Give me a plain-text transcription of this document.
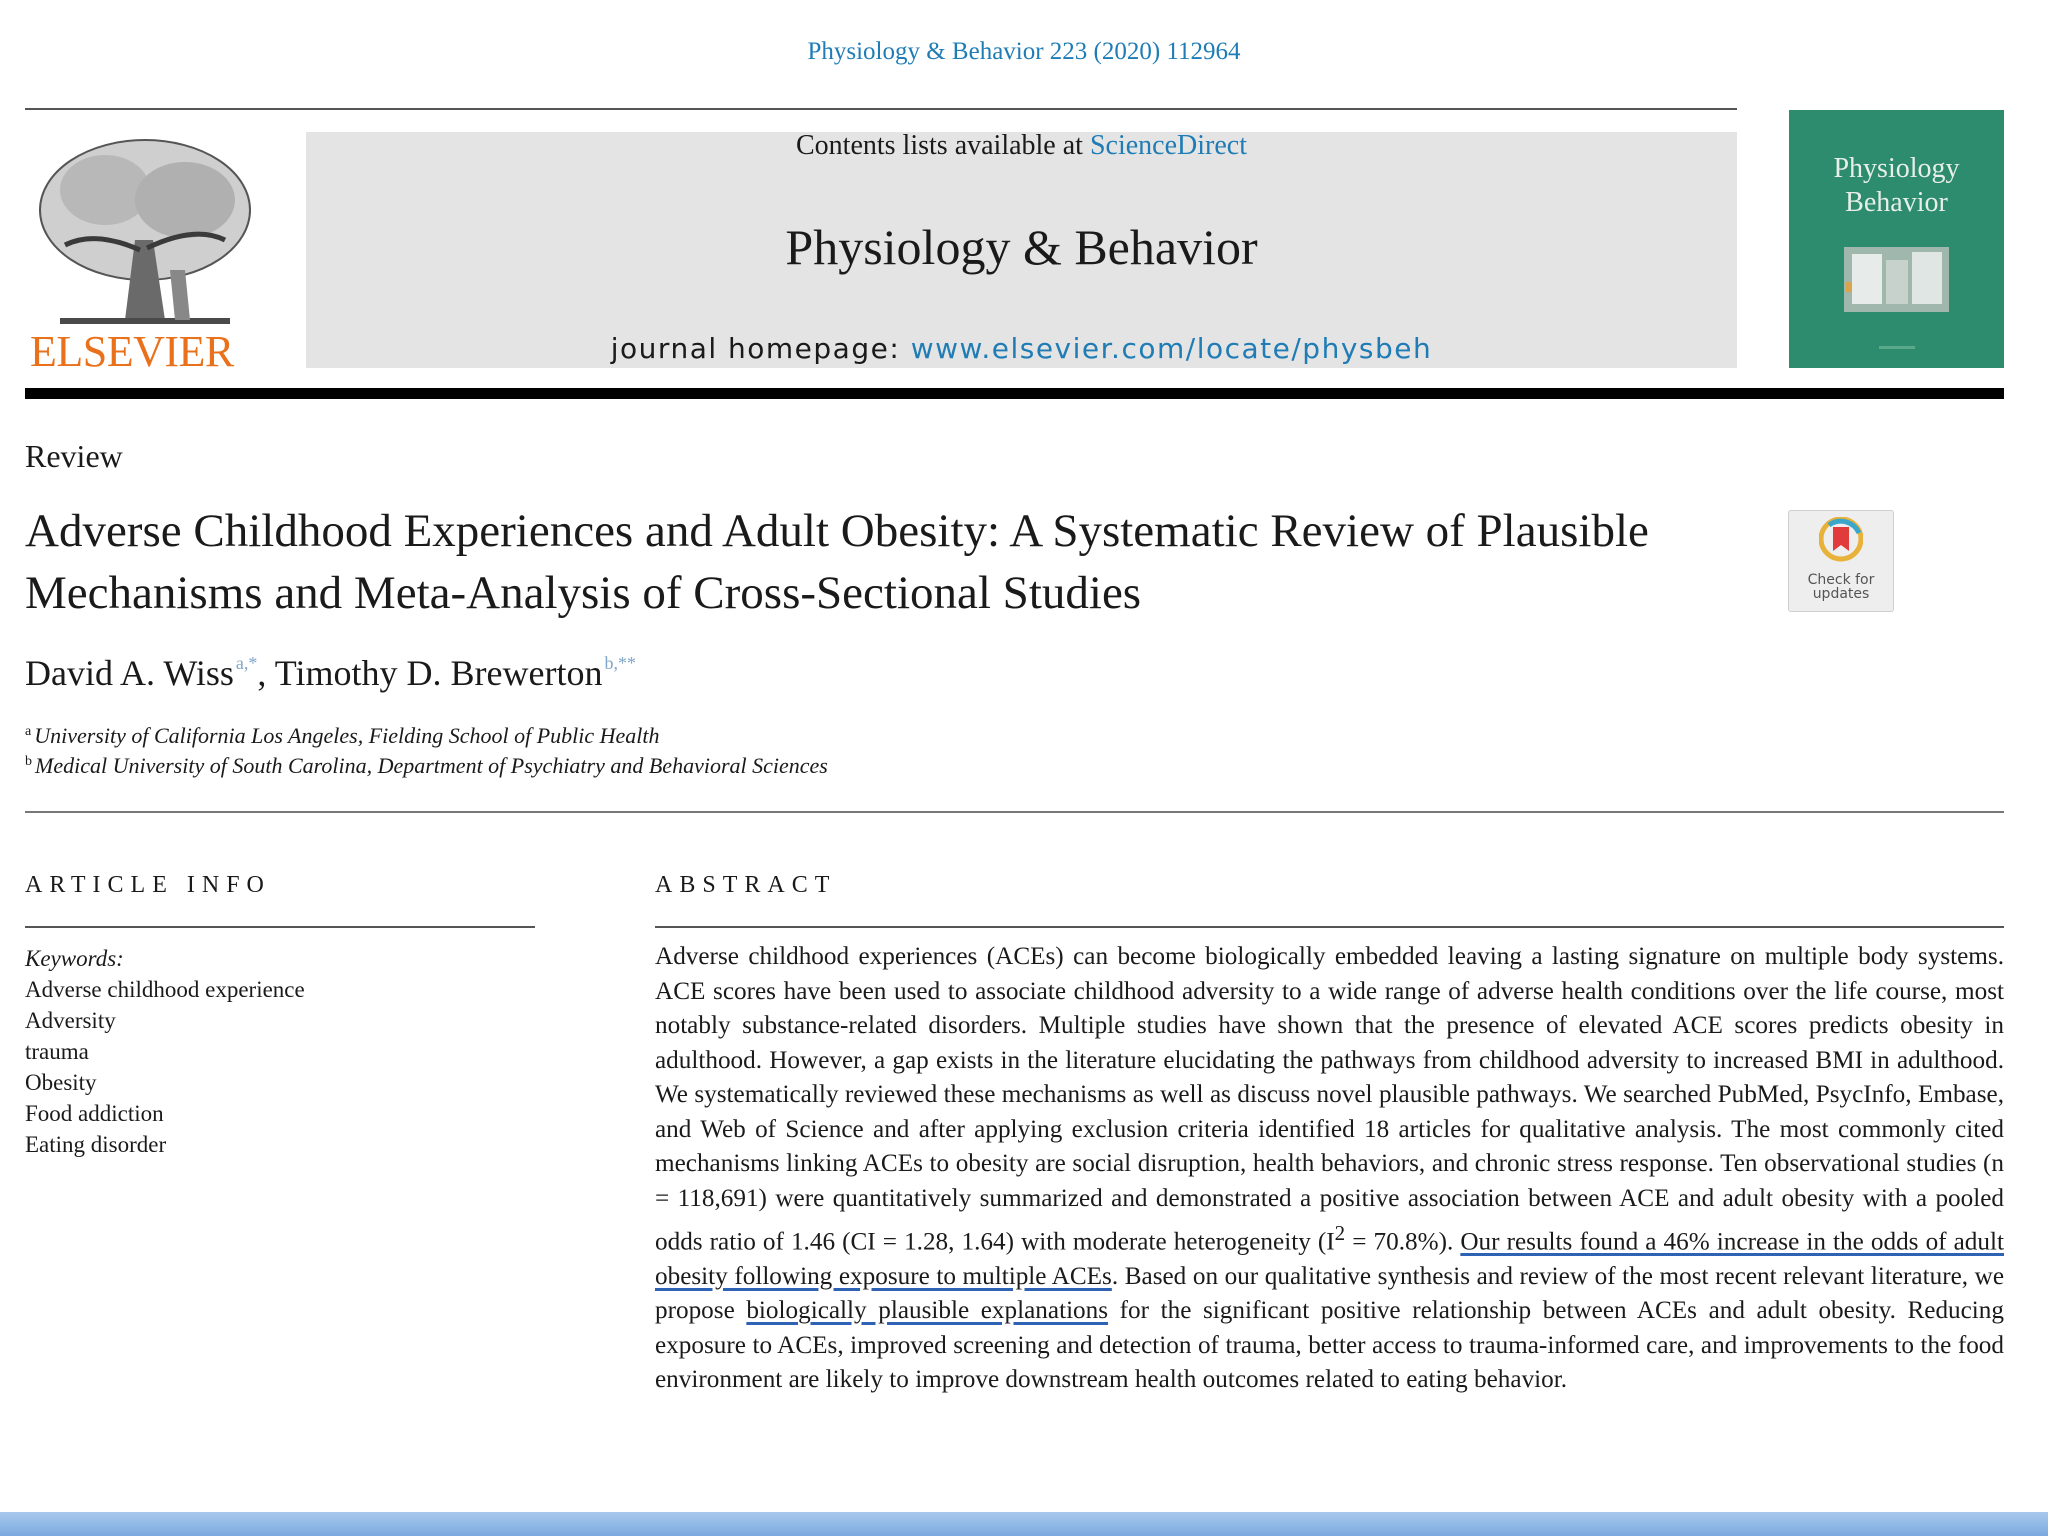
Physiology & Behavior 223 (2020) 112964
ELSEVIER
Contents lists available at ScienceDirect
Physiology & Behavior
journal homepage: www.elsevier.com/locate/physbeh
Physiology
Behavior
Review
Adverse Childhood Experiences and Adult Obesity: A Systematic Review of Plausible Mechanisms and Meta-Analysis of Cross-Sectional Studies	Check for
updates
David A. Wiss $^{a,*}$, Timothy D. Brewerton $^{b,**}$
$^a$ University of California Los Angeles, Fielding School of Public Health
$^b$ Medical University of South Carolina, Department of Psychiatry and Behavioral Sciences
ARTICLE INFO	ABSTRACT
Keywords:
Adverse childhood experience
Adversity
trauma
Obesity
Food addiction
Eating disorder
Adverse childhood experiences (ACEs) can become biologically embedded leaving a lasting signature on multiple body systems. ACE scores have been used to associate childhood adversity to a wide range of adverse health conditions over the life course, most notably substance-related disorders. Multiple studies have shown that the presence of elevated ACE scores predicts obesity in adulthood. However, a gap exists in the literature elucidating the pathways from childhood adversity to increased BMI in adulthood. We systematically reviewed these mechanisms as well as discuss novel plausible pathways. We searched PubMed, PsycInfo, Embase, and Web of Science and after applying exclusion criteria identified 18 articles for qualitative analysis. The most commonly cited mechanisms linking ACEs to obesity are social disruption, health behaviors, and chronic stress response. Ten observational studies (n = 118,691) were quantitatively summarized and demonstrated a positive association between ACE and adult obesity with a pooled odds ratio of 1.46 (CI = 1.28, 1.64) with moderate heterogeneity $(I^2 = 70.8\%)$. Our results found a 46% increase in the odds of adult obesity following exposure to multiple ACEs. Based on our qualitative synthesis and review of the most recent relevant literature, we propose biologically plausible explanations for the significant positive relationship between ACEs and adult obesity. Reducing exposure to ACEs, improved screening and detection of trauma, better access to trauma-informed care, and improvements to the food environment are likely to improve downstream health outcomes related to eating behavior.
